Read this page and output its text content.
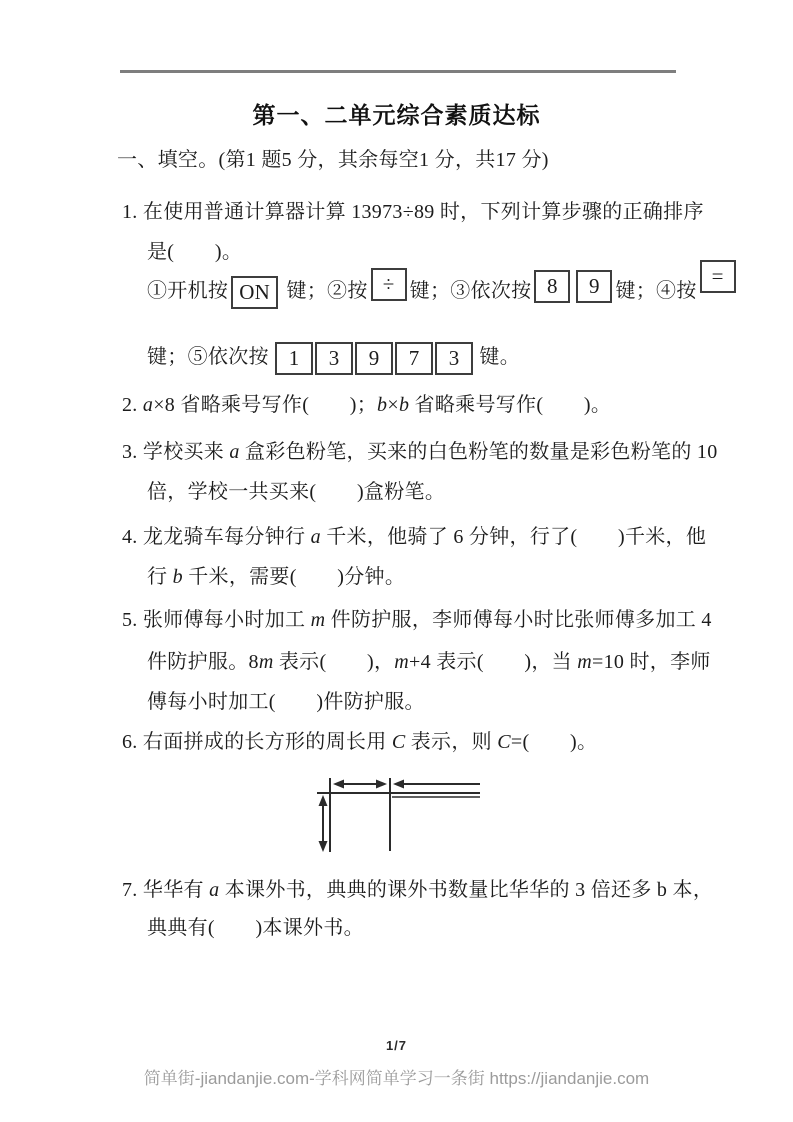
第一、二单元综合素质达标
一、填空。(第1 题5 分，其余每空1 分，共17 分)
1. 在使用普通计算器计算 13973÷89 时，下列计算步骤的正确排序
是(　　)。
①开机按 ON 键；②按 ÷ 键；③依次按 8 9 键；④按=
键；⑤依次按 1 3 9 7 3 键。
2. a×8 省略乘号写作(　　)；b×b 省略乘号写作(　　)。
3. 学校买来 a 盒彩色粉笔，买来的白色粉笔的数量是彩色粉笔的 10
倍，学校一共买来(　　)盒粉笔。
4. 龙龙骑车每分钟行 a 千米，他骑了 6 分钟，行了(　　)千米，他
行 b 千米，需要(　　)分钟。
5. 张师傅每小时加工 m 件防护服，李师傅每小时比张师傅多加工 4
件防护服。8m 表示(　　)，m+4 表示(　　)，当 m=10 时，李师
傅每小时加工(　　)件防护服。
6. 右面拼成的长方形的周长用 C 表示，则 C=(　　)。
7. 华华有 a 本课外书，典典的课外书数量比华华的 3 倍还多 b 本，
典典有(　　)本课外书。
1/7
简单街-jiandanjie.com-学科网简单学习一条街 https://jiandanjie.com
